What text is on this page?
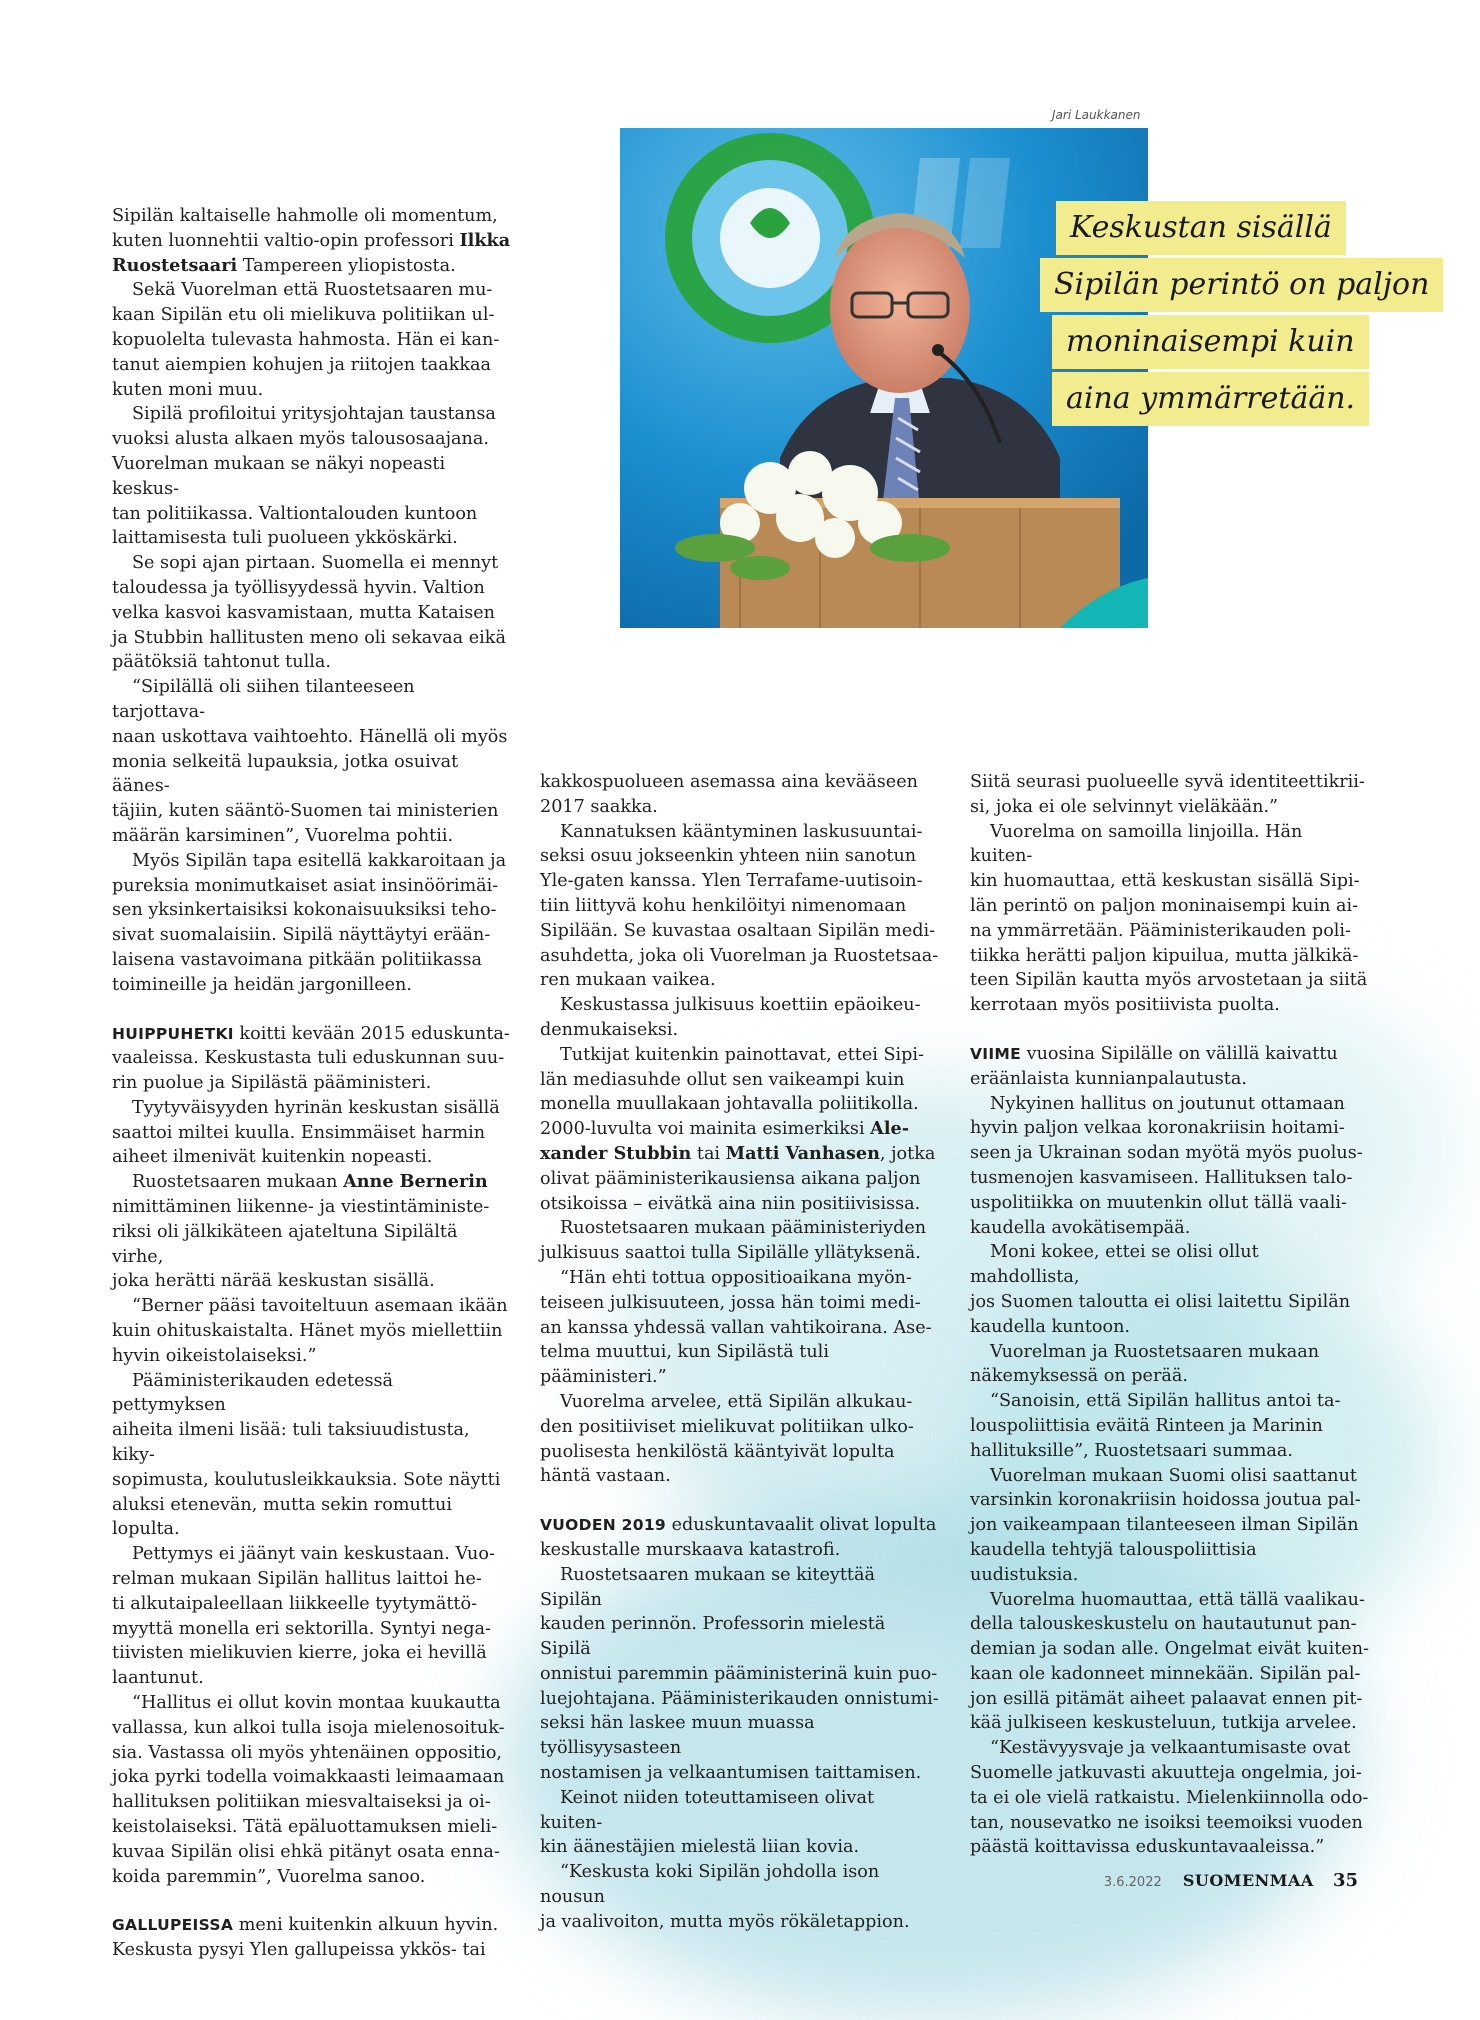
Jari Laukkanen
Keskustan sisällä
Sipilän perintö on paljon
moninaisempi kuin
aina ymmärretään.

Sipilän kaltaiselle hahmolle oli momentum,
kuten luonnehtii valtio-opin professori Ilkka
Ruostetsaari Tampereen yliopistosta.

Sekä Vuorelman että Ruostetsaaren mu-
kaan Sipilän etu oli mielikuva politiikan ul-
kopuolelta tulevasta hahmosta. Hän ei kan-
tanut aiempien kohujen ja riitojen taakkaa
kuten moni muu.

Sipilä profiloitui yritysjohtajan taustansa
vuoksi alusta alkaen myös talousosaajana.
Vuorelman mukaan se näkyi nopeasti keskus-
tan politiikassa. Valtiontalouden kuntoon
laittamisesta tuli puolueen ykköskärki.

Se sopi ajan pirtaan. Suomella ei mennyt
taloudessa ja työllisyydessä hyvin. Valtion
velka kasvoi kasvamistaan, mutta Kataisen
ja Stubbin hallitusten meno oli sekavaa eikä
päätöksiä tahtonut tulla.

“Sipilällä oli siihen tilanteeseen tarjottava-
naan uskottava vaihtoehto. Hänellä oli myös
monia selkeitä lupauksia, jotka osuivat äänes-
täjiin, kuten sääntö-Suomen tai ministerien
määrän karsiminen”, Vuorelma pohtii.

Myös Sipilän tapa esitellä kakkaroitaan ja
pureksia monimutkaiset asiat insinöörimäi-
sen yksinkertaisiksi kokonaisuuksiksi teho-
sivat suomalaisiin. Sipilä näyttäytyi erään-
laisena vastavoimana pitkään politiikassa
toimineille ja heidän jargonilleen.

HUIPPUHETKI koitti kevään 2015 eduskunta-
vaaleissa. Keskustasta tuli eduskunnan suu-
rin puolue ja Sipilästä pääministeri.

Tyytyväisyyden hyrinän keskustan sisällä
saattoi miltei kuulla. Ensimmäiset harmin
aiheet ilmenivät kuitenkin nopeasti.

Ruostetsaaren mukaan Anne Bernerin
nimittäminen liikenne- ja viestintäministe-
riksi oli jälkikäteen ajateltuna Sipilältä virhe,
joka herätti närää keskustan sisällä.

“Berner pääsi tavoiteltuun asemaan ikään
kuin ohituskaistalta. Hänet myös miellettiin
hyvin oikeistolaiseksi.”

Pääministerikauden edetessä pettymyksen
aiheita ilmeni lisää: tuli taksiuudistusta, kiky-
sopimusta, koulutusleikkauksia. Sote näytti
aluksi etenevän, mutta sekin romuttui lopulta.

Pettymys ei jäänyt vain keskustaan. Vuo-
relman mukaan Sipilän hallitus laittoi he-
ti alkutaipaleellaan liikkeelle tyytymättö-
myyttä monella eri sektorilla. Syntyi nega-
tiivisten mielikuvien kierre, joka ei hevillä
laantunut.

“Hallitus ei ollut kovin montaa kuukautta
vallassa, kun alkoi tulla isoja mielenosoituk-
sia. Vastassa oli myös yhtenäinen oppositio,
joka pyrki todella voimakkaasti leimaamaan
hallituksen politiikan miesvaltaiseksi ja oi-
keistolaiseksi. Tätä epäluottamuksen mieli-
kuvaa Sipilän olisi ehkä pitänyt osata enna-
koida paremmin”, Vuorelma sanoo.

GALLUPEISSA meni kuitenkin alkuun hyvin.
Keskusta pysyi Ylen gallupeissa ykkös- tai

kakkospuolueen asemassa aina kevääseen
2017 saakka.

Kannatuksen kääntyminen laskusuuntai-
seksi osuu jokseenkin yhteen niin sanotun
Yle-gaten kanssa. Ylen Terrafame-uutisoin-
tiin liittyvä kohu henkilöityi nimenomaan
Sipilään. Se kuvastaa osaltaan Sipilän medi-
asuhdetta, joka oli Vuorelman ja Ruostetsaa-
ren mukaan vaikea.

Keskustassa julkisuus koettiin epäoikeu-
denmukaiseksi.

Tutkijat kuitenkin painottavat, ettei Sipi-
län mediasuhde ollut sen vaikeampi kuin
monella muullakaan johtavalla poliitikolla.
2000-luvulta voi mainita esimerkiksi Ale-
xander Stubbin tai Matti Vanhasen, jotka
olivat pääministerikausiensa aikana paljon
otsikoissa – eivätkä aina niin positiivisissa.

Ruostetsaaren mukaan pääministeriyden
julkisuus saattoi tulla Sipilälle yllätyksenä.

“Hän ehti tottua oppositioaikana myön-
teiseen julkisuuteen, jossa hän toimi medi-
an kanssa yhdessä vallan vahtikoirana. Ase-
telma muuttui, kun Sipilästä tuli pääministeri.”

Vuorelma arvelee, että Sipilän alkukau-
den positiiviset mielikuvat politiikan ulko-
puolisesta henkilöstä kääntyivät lopulta
häntä vastaan.

VUODEN 2019 eduskuntavaalit olivat lopulta
keskustalle murskaava katastrofi.

Ruostetsaaren mukaan se kiteyttää Sipilän
kauden perinnön. Professorin mielestä Sipilä
onnistui paremmin pääministerinä kuin puo-
luejohtajana. Pääministerikauden onnistumi-
seksi hän laskee muun muassa työllisyysasteen
nostamisen ja velkaantumisen taittamisen.

Keinot niiden toteuttamiseen olivat kuiten-
kin äänestäjien mielestä liian kovia.

“Keskusta koki Sipilän johdolla ison nousun
ja vaalivoiton, mutta myös rökäletappion.

Siitä seurasi puolueelle syvä identiteettikrii-
si, joka ei ole selvinnyt vieläkään.”

Vuorelma on samoilla linjoilla. Hän kuiten-
kin huomauttaa, että keskustan sisällä Sipi-
län perintö on paljon moninaisempi kuin ai-
na ymmärretään. Pääministerikauden poli-
tiikka herätti paljon kipuilua, mutta jälkikä-
teen Sipilän kautta myös arvostetaan ja siitä
kerrotaan myös positiivista puolta.

VIIME vuosina Sipilälle on välillä kaivattu
eräänlaista kunnianpalautusta.

Nykyinen hallitus on joutunut ottamaan
hyvin paljon velkaa koronakriisin hoitami-
seen ja Ukrainan sodan myötä myös puolus-
tusmenojen kasvamiseen. Hallituksen talo-
uspolitiikka on muutenkin ollut tällä vaali-
kaudella avokätisempää.

Moni kokee, ettei se olisi ollut mahdollista,
jos Suomen taloutta ei olisi laitettu Sipilän
kaudella kuntoon.

Vuorelman ja Ruostetsaaren mukaan
näkemyksessä on perää.

“Sanoisin, että Sipilän hallitus antoi ta-
louspoliittisia eväitä Rinteen ja Marinin
hallituksille”, Ruostetsaari summaa.

Vuorelman mukaan Suomi olisi saattanut
varsinkin koronakriisin hoidossa joutua pal-
jon vaikeampaan tilanteeseen ilman Sipilän
kaudella tehtyjä talouspoliittisia uudistuksia.

Vuorelma huomauttaa, että tällä vaalikau-
della talouskeskustelu on hautautunut pan-
demian ja sodan alle. Ongelmat eivät kuiten-
kaan ole kadonneet minnekään. Sipilän pal-
jon esillä pitämät aiheet palaavat ennen pit-
kää julkiseen keskusteluun, tutkija arvelee.

“Kestävyysvaje ja velkaantumisaste ovat
Suomelle jatkuvasti akuutteja ongelmia, joi-
ta ei ole vielä ratkaistu. Mielenkiinnolla odo-
tan, nousevatko ne isoiksi teemoiksi vuoden
päästä koittavissa eduskuntavaaleissa.”

3.6.2022 SUOMENMAA 35
